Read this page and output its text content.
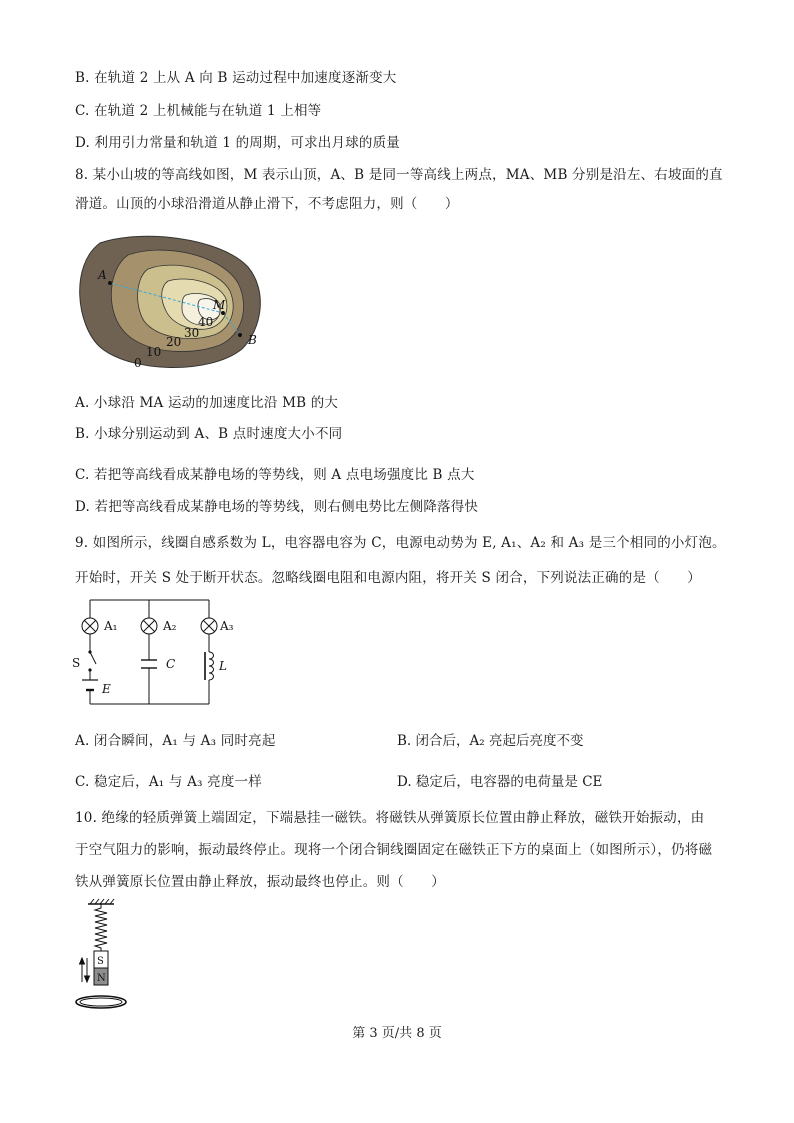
B. 在轨道 2 上从 A 向 B 运动过程中加速度逐渐变大
C. 在轨道 2 上机械能与在轨道 1 上相等
D. 利用引力常量和轨道 1 的周期，可求出月球的质量
8. 某小山坡的等高线如图，M 表示山顶，A、B 是同一等高线上两点，MA、MB 分别是沿左、右坡面的直
滑道。山顶的小球沿滑道从静止滑下，不考虑阻力，则（　　）
A
M
B
0
10
20
30
40
A. 小球沿 MA 运动的加速度比沿 MB 的大
B. 小球分别运动到 A、B 点时速度大小不同
C. 若把等高线看成某静电场的等势线，则 A 点电场强度比 B 点大
D. 若把等高线看成某静电场的等势线，则右侧电势比左侧降落得快
9. 如图所示，线圈自感系数为 L，电容器电容为 C，电源电动势为 E, A₁、A₂ 和 A₃ 是三个相同的小灯泡。
开始时，开关 S 处于断开状态。忽略线圈电阻和电源内阻，将开关 S 闭合，下列说法正确的是（　　）
A₁	A₂	A₃
S
E
C	L
A. 闭合瞬间，A₁ 与 A₃ 同时亮起	B. 闭合后，A₂ 亮起后亮度不变
C. 稳定后，A₁ 与 A₃ 亮度一样	D. 稳定后，电容器的电荷量是 CE
10. 绝缘的轻质弹簧上端固定，下端悬挂一磁铁。将磁铁从弹簧原长位置由静止释放，磁铁开始振动，由
于空气阻力的影响，振动最终停止。现将一个闭合铜线圈固定在磁铁正下方的桌面上（如图所示），仍将磁
铁从弹簧原长位置由静止释放，振动最终也停止。则（　　）
S
N
第 3 页/共 8 页
